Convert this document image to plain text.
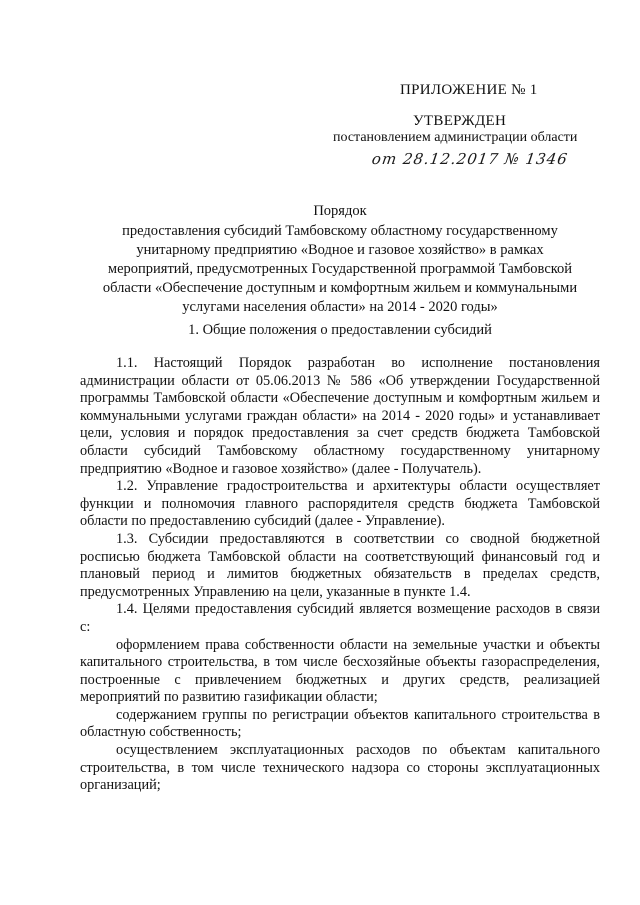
ПРИЛОЖЕНИЕ № 1
УТВЕРЖДЕН
постановлением администрации области
от 28.12.2017 № 1346
Порядок
предоставления субсидий Тамбовскому областному государственному
унитарному предприятию «Водное и газовое хозяйство» в рамках
мероприятий, предусмотренных Государственной программой Тамбовской
области «Обеспечение доступным и комфортным жильем и коммунальными
услугами населения области» на 2014 - 2020 годы»
1. Общие положения о предоставлении субсидий

1.1. Настоящий Порядок разработан во исполнение постановления администрации области от 05.06.2013 № 586 «Об утверждении Государственной программы Тамбовской области «Обеспечение доступным и комфортным жильем и коммунальными услугами граждан области» на 2014 - 2020 годы» и устанавливает цели, условия и порядок предоставления за счет средств бюджета Тамбовской области субсидий Тамбовскому областному государственному унитарному предприятию «Водное и газовое хозяйство» (далее - Получатель).

1.2. Управление градостроительства и архитектуры области осуществляет функции и полномочия главного распорядителя средств бюджета Тамбовской области по предоставлению субсидий (далее - Управление).

1.3. Субсидии предоставляются в соответствии со сводной бюджетной росписью бюджета Тамбовской области на соответствующий финансовый год и плановый период и лимитов бюджетных обязательств в пределах средств, предусмотренных Управлению на цели, указанные в пункте 1.4.

1.4. Целями предоставления субсидий является возмещение расходов в связи с:

оформлением права собственности области на земельные участки и объекты капитального строительства, в том числе бесхозяйные объекты газораспределения, построенные с привлечением бюджетных и других средств, реализацией мероприятий по развитию газификации области;

содержанием группы по регистрации объектов капитального строительства в областную собственность;

осуществлением эксплуатационных расходов по объектам капитального строительства, в том числе технического надзора со стороны эксплуатационных организаций;
